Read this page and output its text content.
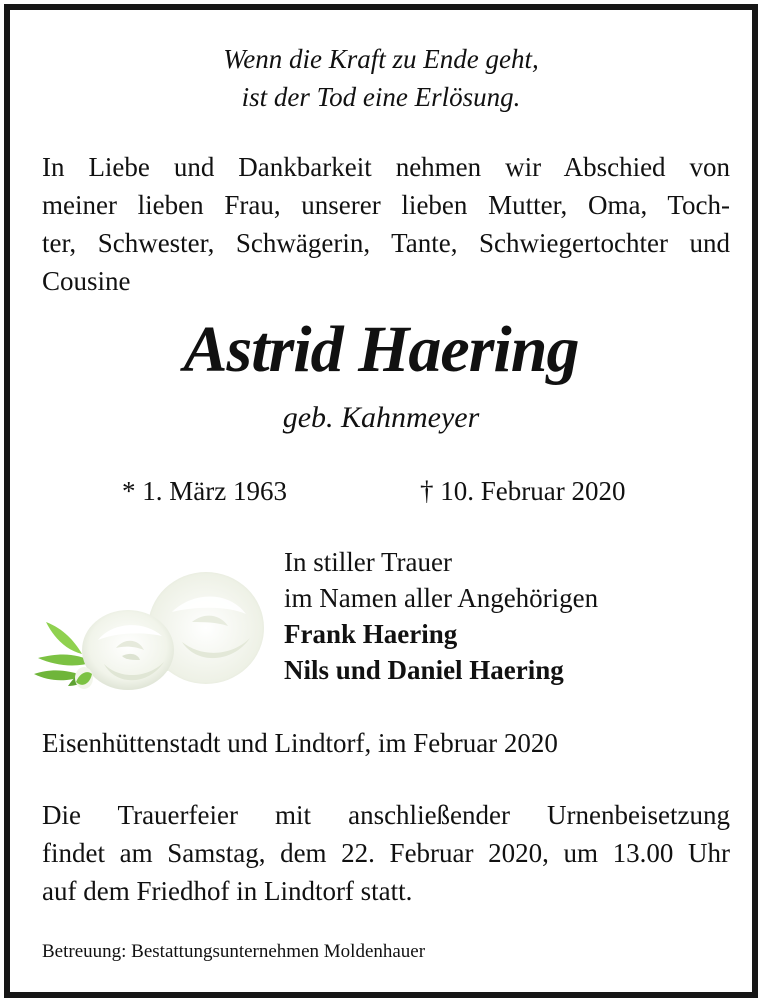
Wenn die Kraft zu Ende geht,
ist der Tod eine Erlösung.
In Liebe und Dankbarkeit nehmen wir Abschied von
meiner lieben Frau, unserer lieben Mutter, Oma, Toch-
ter, Schwester, Schwägerin, Tante, Schwiegertochter und
Cousine
Astrid Haering
geb. Kahnmeyer
* 1. März 1963	† 10. Februar 2020
In stiller Trauer
im Namen aller Angehörigen
Frank Haering
Nils und Daniel Haering
Eisenhüttenstadt und Lindtorf, im Februar 2020
Die Trauerfeier mit anschließender Urnenbeisetzung
findet am Samstag, dem 22. Februar 2020, um 13.00 Uhr
auf dem Friedhof in Lindtorf statt.
Betreuung: Bestattungsunternehmen Moldenhauer
